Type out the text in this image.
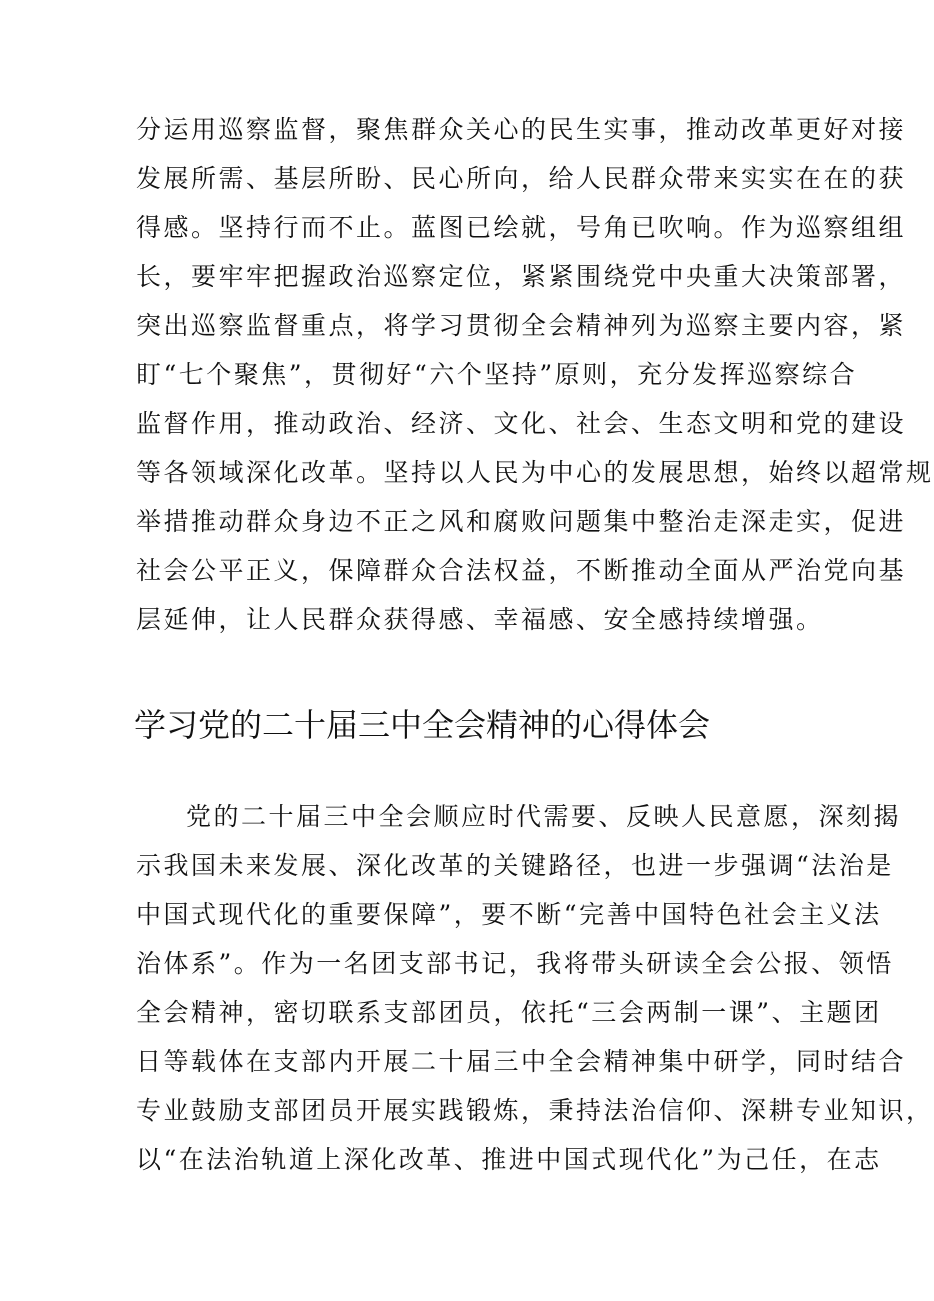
分运用巡察监督，聚焦群众关心的民生实事，推动改革更好对接
发展所需、基层所盼、民心所向，给人民群众带来实实在在的获
得感。坚持行而不止。蓝图已绘就，号角已吹响。作为巡察组组
长，要牢牢把握政治巡察定位，紧紧围绕党中央重大决策部署，
突出巡察监督重点，将学习贯彻全会精神列为巡察主要内容，紧
盯“七个聚焦”，贯彻好“六个坚持”原则，充分发挥巡察综合
监督作用，推动政治、经济、文化、社会、生态文明和党的建设
等各领域深化改革。坚持以人民为中心的发展思想，始终以超常规
举措推动群众身边不正之风和腐败问题集中整治走深走实，促进
社会公平正义，保障群众合法权益，不断推动全面从严治党向基
层延伸，让人民群众获得感、幸福感、安全感持续增强。
学习党的二十届三中全会精神的心得体会
党的二十届三中全会顺应时代需要、反映人民意愿，深刻揭
示我国未来发展、深化改革的关键路径，也进一步强调“法治是
中国式现代化的重要保障”，要不断“完善中国特色社会主义法
治体系”。作为一名团支部书记，我将带头研读全会公报、领悟
全会精神，密切联系支部团员，依托“三会两制一课”、主题团
日等载体在支部内开展二十届三中全会精神集中研学，同时结合
专业鼓励支部团员开展实践锻炼，秉持法治信仰、深耕专业知识，
以“在法治轨道上深化改革、推进中国式现代化”为己任，在志
